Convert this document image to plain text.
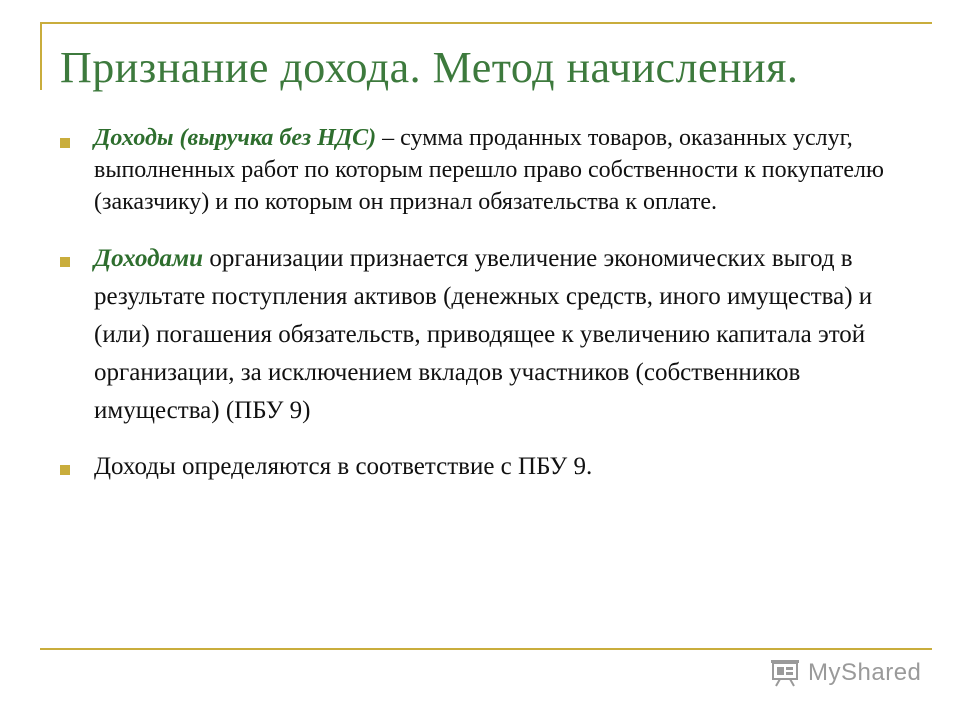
Признание дохода. Метод начисления.
Доходы (выручка без НДС) – сумма проданных товаров, оказанных услуг, выполненных работ по которым перешло право собственности к покупателю (заказчику) и по которым он признал обязательства к оплате.
Доходами организации признается увеличение экономических выгод в результате поступления активов (денежных средств, иного имущества) и (или) погашения обязательств, приводящее к увеличению капитала этой организации, за исключением вкладов участников (собственников имущества) (ПБУ 9)
Доходы определяются в соответствие с ПБУ 9.
MyShared
